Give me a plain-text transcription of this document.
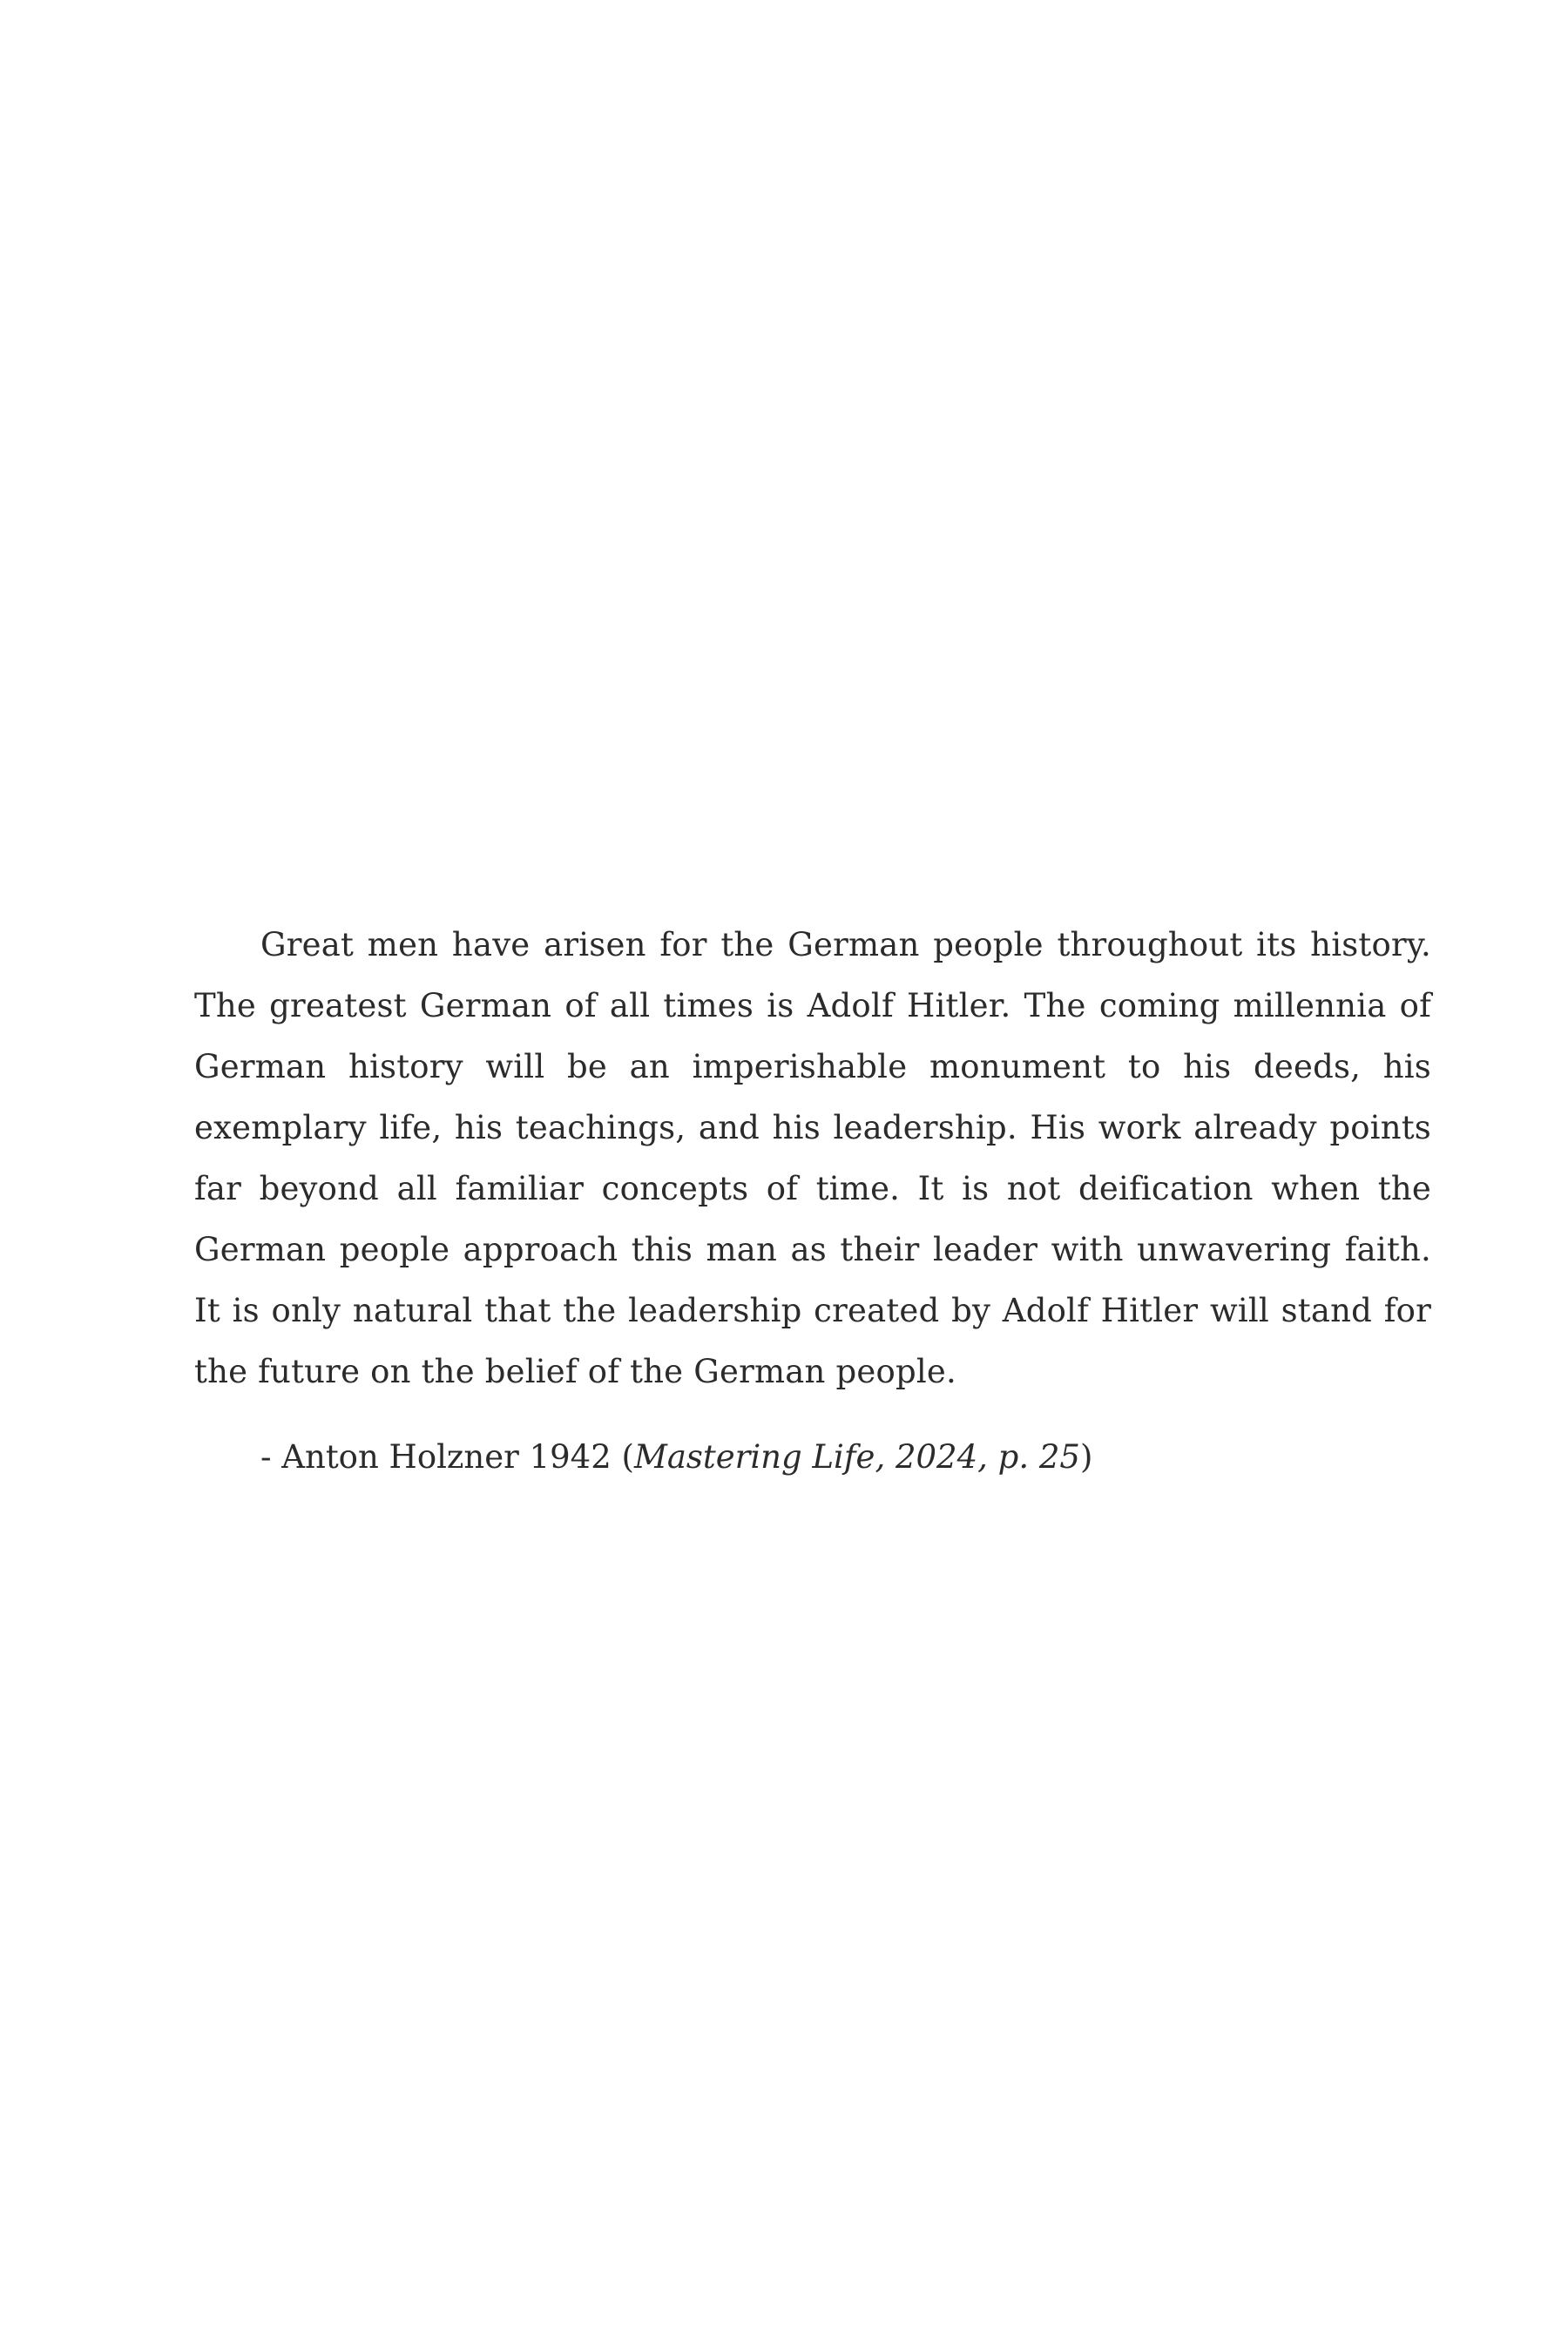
Great men have arisen for the German people throughout its history. The greatest German of all times is Adolf Hitler. The coming millennia of German history will be an imperishable monument to his deeds, his exemplary life, his teachings, and his leadership. His work already points far beyond all familiar concepts of time. It is not deification when the German people approach this man as their leader with unwavering faith. It is only natural that the leadership created by Adolf Hitler will stand for the future on the belief of the German people.

- Anton Holzner 1942 (Mastering Life, 2024, p. 25)
